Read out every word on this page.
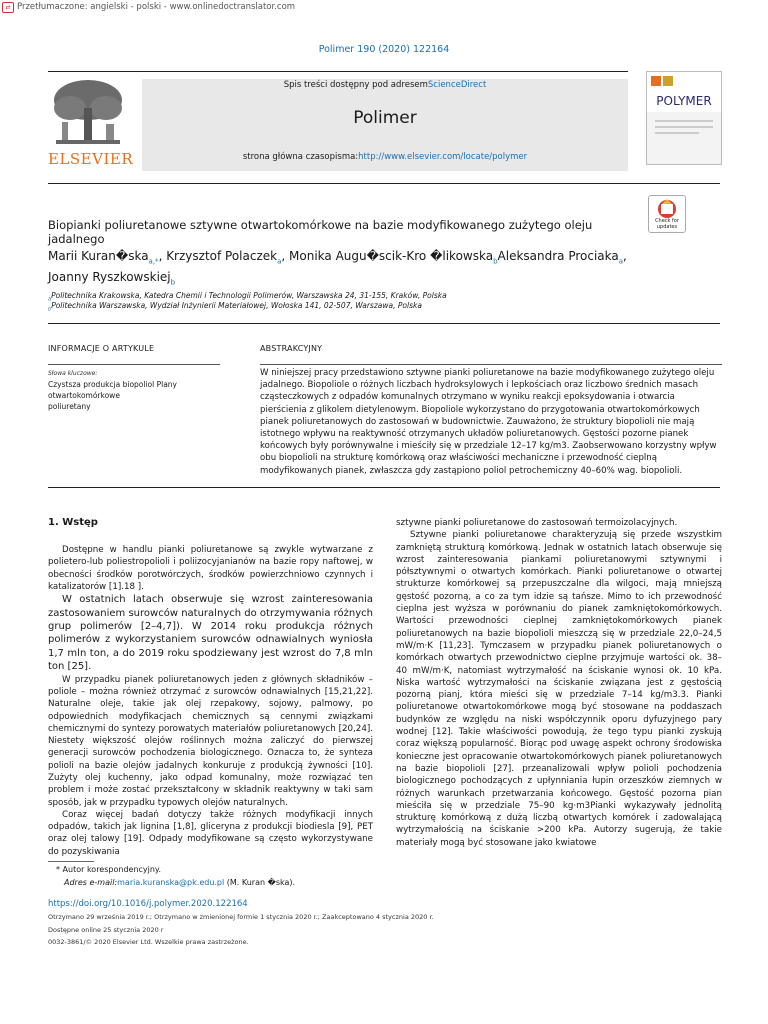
⇄ Przetłumaczone: angielski - polski - www.onlinedoctranslator.com
Polimer 190 (2020) 122164
Spis treści dostępny pod adresemScienceDirect
Polimer
strona główna czasopisma:http://www.elsevier.com/locate/polymer
ELSEVIER
POLYMER
Check for updates
Biopianki poliuretanowe sztywne otwartokomórkowe na bazie modyfikowanego zużytego oleju jadalnego
Marii Kuran�ska$_{a,*}$, Krzysztof Polaczek$_a$, Monika Augu�scik-Kro �likowska$_b$Aleksandra Prociaka$_a$,
Joanny Ryszkowskiej$_b$
$_a$Politechnika Krakowska, Katedra Chemii i Technologii Polimerów, Warszawska 24, 31-155, Kraków, Polska
$_b$Politechnika Warszawska, Wydział Inżynierii Materiałowej, Wołoska 141, 02-507, Warszawa, Polska
INFORMACJE O ARTYKULE
Słowa kluczowe:
Czystsza produkcja biopoliol Plany
otwartokomórkowe
poliuretany
ABSTRAKCYJNY
W niniejszej pracy przedstawiono sztywne pianki poliuretanowe na bazie modyfikowanego zużytego oleju jadalnego. Biopoliole o różnych liczbach hydroksylowych i lepkościach oraz liczbowo średnich masach cząsteczkowych z odpadów komunalnych otrzymano w wyniku reakcji epoksydowania i otwarcia pierścienia z glikolem dietylenowym. Biopoliole wykorzystano do przygotowania otwartokomórkowych pianek poliuretanowych do zastosowań w budownictwie. Zauważono, że struktury biopolioli nie mają istotnego wpływu na reaktywność otrzymanych układów poliuretanowych. Gęstości pozorne pianek końcowych były porównywalne i mieściły się w przedziale 12–17 kg/m3. Zaobserwowano korzystny wpływ obu biopolioli na strukturę komórkową oraz właściwości mechaniczne i przewodność cieplną modyfikowanych pianek, zwłaszcza gdy zastąpiono poliol petrochemiczny 40–60% wag. biopolioli.
1. Wstęp

Dostępne w handlu pianki poliuretanowe są zwykle wytwarzane z polietero-lub poliestropolioli i poliizocyjanianów na bazie ropy naftowej, w obecności środków porotwórczych, środków powierzchniowo czynnych i katalizatorów [1].18 ].

W ostatnich latach obserwuje się wzrost zainteresowania zastosowaniem surowców naturalnych do otrzymywania różnych grup polimerów [2–4,7]). W 2014 roku produkcja różnych polimerów z wykorzystaniem surowców odnawialnych wyniosła 1,7 mln ton, a do 2019 roku spodziewany jest wzrost do 7,8 mln ton [25].

W przypadku pianek poliuretanowych jeden z głównych składników – poliole – można również otrzymać z surowców odnawialnych [15,21,22]. Naturalne oleje, takie jak olej rzepakowy, sojowy, palmowy, po odpowiednich modyfikacjach chemicznych są cennymi związkami chemicznymi do syntezy porowatych materiałów poliuretanowych [20,24]. Niestety większość olejów roślinnych można zaliczyć do pierwszej generacji surowców pochodzenia biologicznego. Oznacza to, że synteza polioli na bazie olejów jadalnych konkuruje z produkcją żywności [10]. Zużyty olej kuchenny, jako odpad komunalny, może rozwiązać ten problem i może zostać przekształcony w składnik reaktywny w taki sam sposób, jak w przypadku typowych olejów naturalnych.

Coraz więcej badań dotyczy także różnych modyfikacji innych odpadów, takich jak lignina [1,8], gliceryna z produkcji biodiesla [9], PET oraz olej talowy [19]. Odpady modyfikowane są często wykorzystywane do pozyskiwania

sztywne pianki poliuretanowe do zastosowań termoizolacyjnych.

Sztywne pianki poliuretanowe charakteryzują się przede wszystkim zamkniętą strukturą komórkową. Jednak w ostatnich latach obserwuje się wzrost zainteresowania piankami poliuretanowymi sztywnymi i półsztywnymi o otwartych komórkach. Pianki poliuretanowe o otwartej strukturze komórkowej są przepuszczalne dla wilgoci, mają mniejszą gęstość pozorną, a co za tym idzie są tańsze. Mimo to ich przewodność cieplna jest wyższa w porównaniu do pianek zamkniętokomórkowych. Wartości przewodności cieplnej zamkniętokomórkowych pianek poliuretanowych na bazie biopolioli mieszczą się w przedziale 22,0–24,5 mW/m·K [11,23]. Tymczasem w przypadku pianek poliuretanowych o komórkach otwartych przewodnictwo cieplne przyjmuje wartości ok. 38–40 mW/m·K, natomiast wytrzymałość na ściskanie wynosi ok. 10 kPa. Niska wartość wytrzymałości na ściskanie związana jest z gęstością pozorną pianj, która mieści się w przedziale 7–14 kg/m3.3. Pianki poliuretanowe otwartokomórkowe mogą być stosowane na poddaszach budynków ze względu na niski współczynnik oporu dyfuzyjnego pary wodnej [12]. Takie właściwości powodują, że tego typu pianki zyskują coraz większą popularność. Biorąc pod uwagę aspekt ochrony środowiska konieczne jest opracowanie otwartokomórkowych pianek poliuretanowych na bazie biopolioli [27]. przeanalizowali wpływ polioli pochodzenia biologicznego pochodzących z upłynniania łupin orzeszków ziemnych w różnych warunkach przetwarzania końcowego. Gęstość pozorna pian mieściła się w przedziale 75–90 kg·m3Pianki wykazywały jednolitą strukturę komórkową z dużą liczbą otwartych komórek i zadowalającą wytrzymałością na ściskanie >200 kPa. Autorzy sugerują, że takie materiały mogą być stosowane jako kwiatowe

* Autor korespondencyjny.
Adres e-mail:maria.kuranska@pk.edu.pl (M. Kuran �ska).
https://doi.org/10.1016/j.polymer.2020.122164
Otrzymano 29 września 2019 r.; Otrzymano w zmienionej formie 1 stycznia 2020 r.; Zaakceptowano 4 stycznia 2020 r.
Dostępne online 25 stycznia 2020 r
0032-3861/© 2020 Elsevier Ltd. Wszelkie prawa zastrzeżone.
